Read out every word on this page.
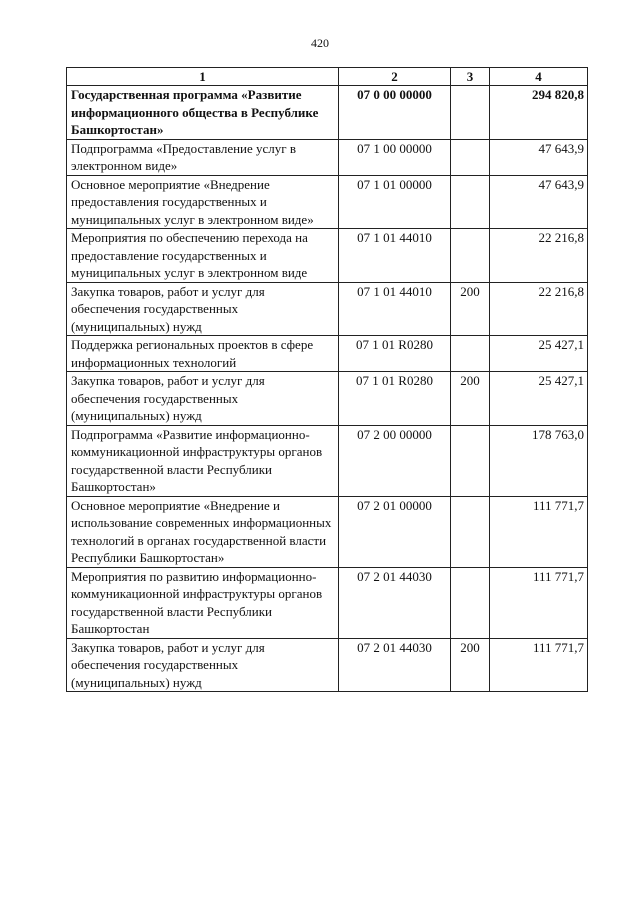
420
1	2	3	4
Государственная программа «Развитие информационного общества в Республике Башкортостан»	07 0 00 00000		294 820,8
Подпрограмма «Предоставление услуг в электронном виде»	07 1 00 00000		47 643,9
Основное мероприятие «Внедрение предоставления государственных и муниципальных услуг в электронном виде»	07 1 01 00000		47 643,9
Мероприятия по обеспечению перехода на предоставление государственных и муниципальных услуг в электронном виде	07 1 01 44010		22 216,8
Закупка товаров, работ и услуг для обеспечения государственных (муниципальных) нужд	07 1 01 44010	200	22 216,8
Поддержка региональных проектов в сфере информационных технологий	07 1 01 R0280		25 427,1
Закупка товаров, работ и услуг для обеспечения государственных (муниципальных) нужд	07 1 01 R0280	200	25 427,1
Подпрограмма «Развитие информационно-коммуникационной инфраструктуры органов государственной власти Республики Башкортостан»	07 2 00 00000		178 763,0
Основное мероприятие «Внедрение и использование современных информационных технологий в органах государственной власти Республики Башкортостан»	07 2 01 00000		111 771,7
Мероприятия по развитию информационно-коммуникационной инфраструктуры органов государственной власти Республики Башкортостан	07 2 01 44030		111 771,7
Закупка товаров, работ и услуг для обеспечения государственных (муниципальных) нужд	07 2 01 44030	200	111 771,7
